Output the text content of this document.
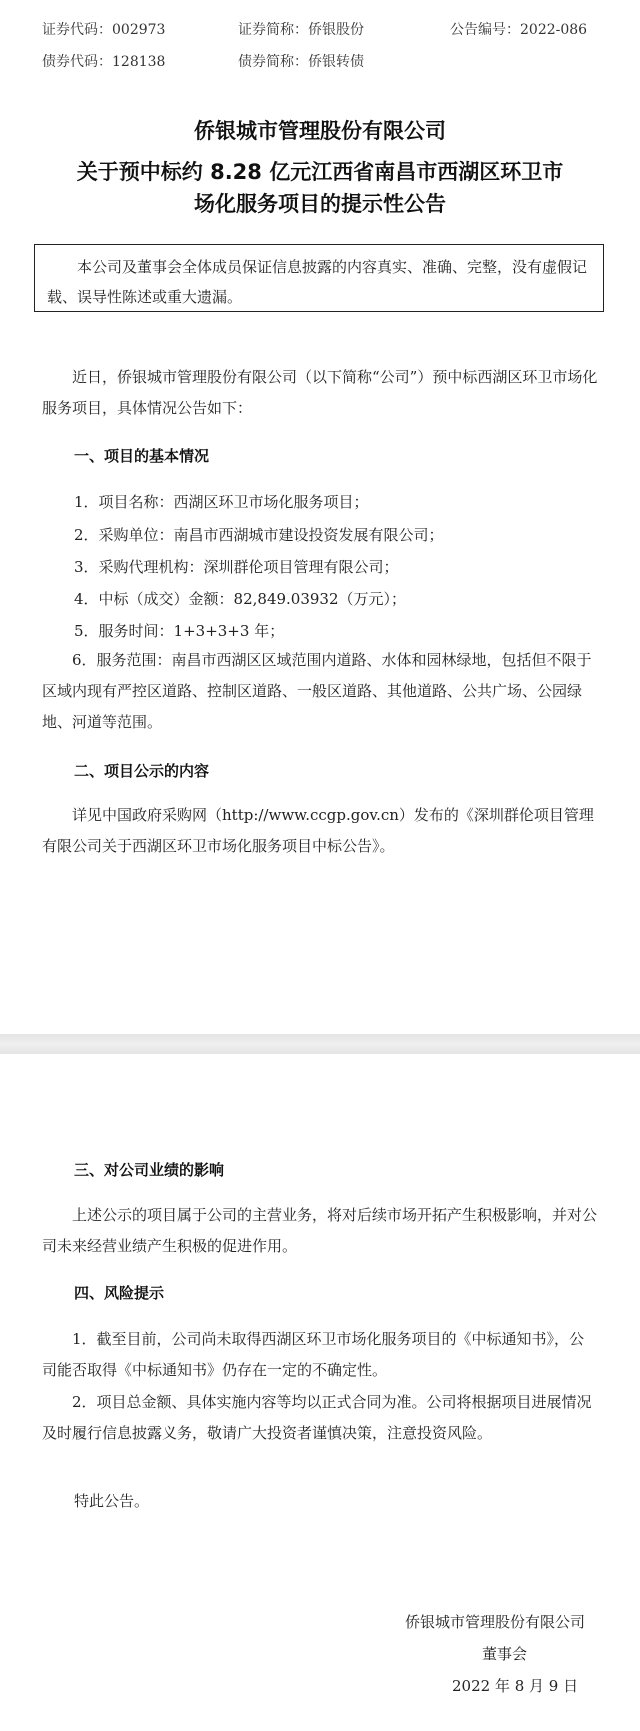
证券代码：002973	证券简称：侨银股份	公告编号：2022-086
债券代码：128138	债券简称：侨银转债
侨银城市管理股份有限公司
关于预中标约 8.28 亿元江西省南昌市西湖区环卫市
场化服务项目的提示性公告
本公司及董事会全体成员保证信息披露的内容真实、准确、完整，没有虚假记载、误导性陈述或重大遗漏。
近日，侨银城市管理股份有限公司（以下简称“公司”）预中标西湖区环卫市场化服务项目，具体情况公告如下：
一、项目的基本情况
1．项目名称：西湖区环卫市场化服务项目；
2．采购单位：南昌市西湖城市建设投资发展有限公司；
3．采购代理机构：深圳群伦项目管理有限公司；
4．中标（成交）金额：82,849.03932（万元）；
5．服务时间：1+3+3+3 年；
6．服务范围：南昌市西湖区区域范围内道路、水体和园林绿地，包括但不限于区域内现有严控区道路、控制区道路、一般区道路、其他道路、公共广场、公园绿地、河道等范围。
二、项目公示的内容
详见中国政府采购网（http://www.ccgp.gov.cn）发布的《深圳群伦项目管理有限公司关于西湖区环卫市场化服务项目中标公告》。
三、对公司业绩的影响
上述公示的项目属于公司的主营业务，将对后续市场开拓产生积极影响，并对公司未来经营业绩产生积极的促进作用。
四、风险提示
1．截至目前，公司尚未取得西湖区环卫市场化服务项目的《中标通知书》，公司能否取得《中标通知书》仍存在一定的不确定性。
2．项目总金额、具体实施内容等均以正式合同为准。公司将根据项目进展情况及时履行信息披露义务，敬请广大投资者谨慎决策，注意投资风险。
特此公告。
侨银城市管理股份有限公司
董事会
2022 年 8 月 9 日
